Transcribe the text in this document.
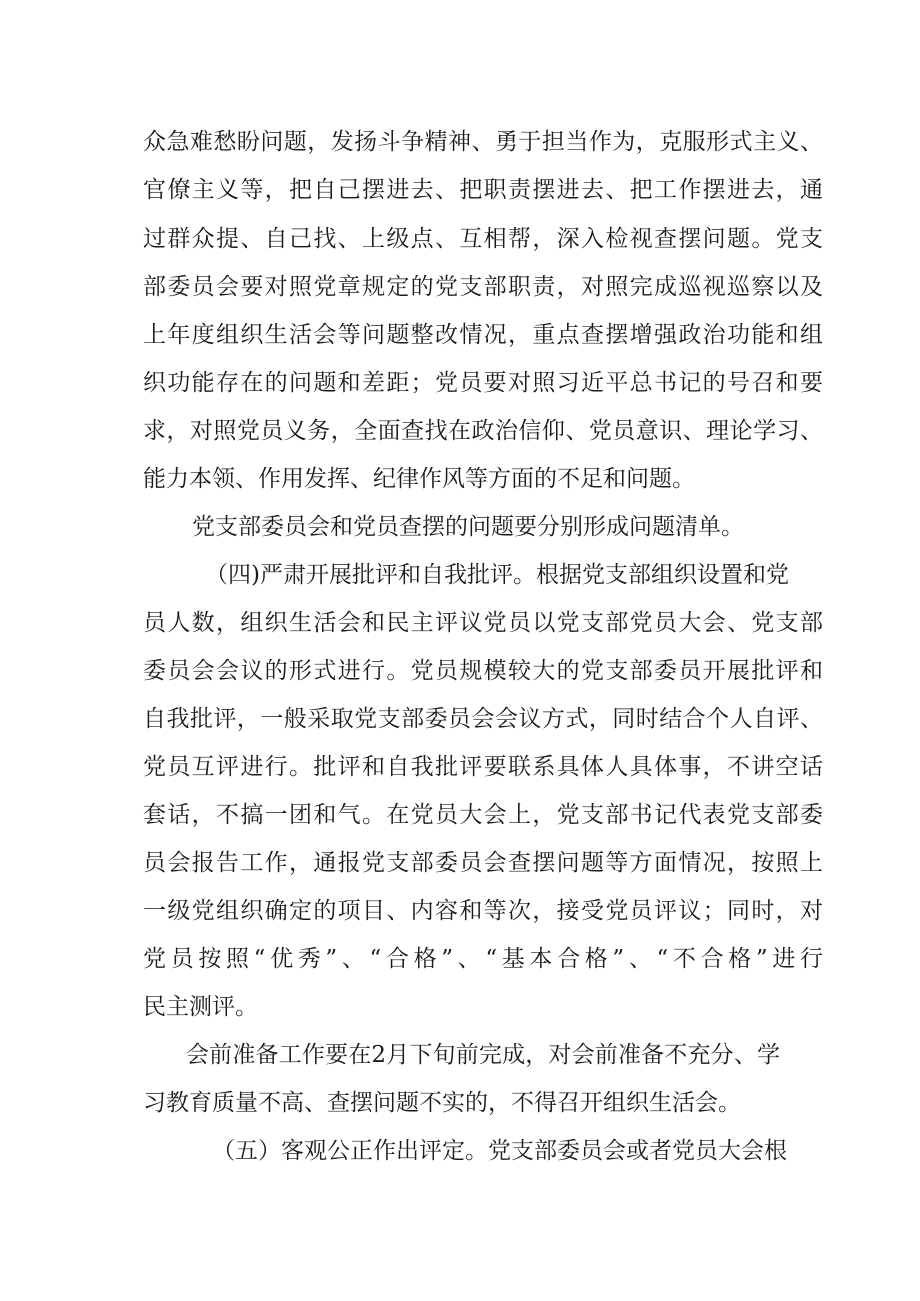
众急难愁盼问题，发扬斗争精神、勇于担当作为，克服形式主义、
官僚主义等，把自己摆进去、把职责摆进去、把工作摆进去，通
过群众提、自己找、上级点、互相帮，深入检视查摆问题。党支
部委员会要对照党章规定的党支部职责，对照完成巡视巡察以及
上年度组织生活会等问题整改情况，重点查摆增强政治功能和组
织功能存在的问题和差距；党员要对照习近平总书记的号召和要
求，对照党员义务，全面查找在政治信仰、党员意识、理论学习、
能力本领、作用发挥、纪律作风等方面的不足和问题。
党支部委员会和党员查摆的问题要分别形成问题清单。
（四)严肃开展批评和自我批评。根据党支部组织设置和党
员人数，组织生活会和民主评议党员以党支部党员大会、党支部
委员会会议的形式进行。党员规模较大的党支部委员开展批评和
自我批评，一般采取党支部委员会会议方式，同时结合个人自评、
党员互评进行。批评和自我批评要联系具体人具体事，不讲空话
套话，不搞一团和气。在党员大会上，党支部书记代表党支部委
员会报告工作，通报党支部委员会查摆问题等方面情况，按照上
一级党组织确定的项目、内容和等次，接受党员评议；同时，对
党员按照“优秀”、“合格”、“基本合格”、“不合格”进行
民主测评。
会前准备工作要在2月下旬前完成，对会前准备不充分、学
习教育质量不高、查摆问题不实的，不得召开组织生活会。
（五）客观公正作出评定。党支部委员会或者党员大会根
